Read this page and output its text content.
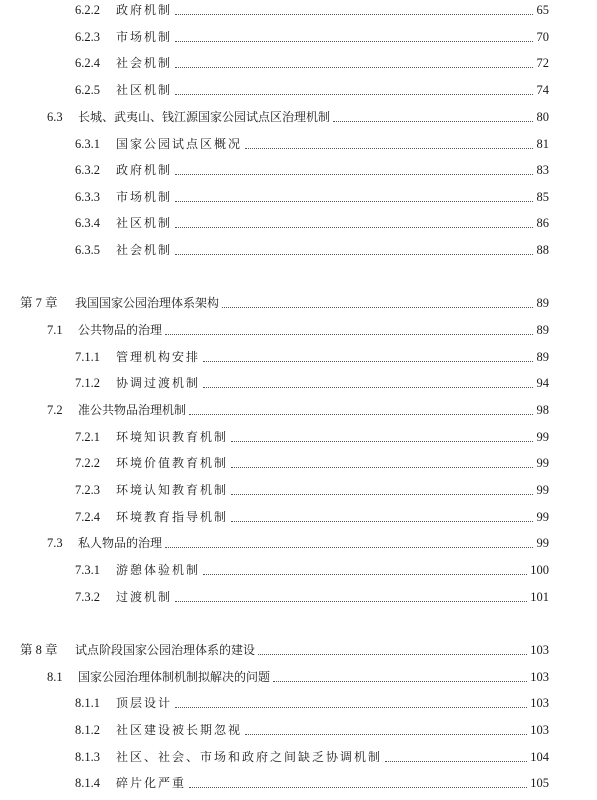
6.2.2 政府机制	65
6.2.3 市场机制	70
6.2.4 社会机制	72
6.2.5 社区机制	74
6.3 长城、武夷山、钱江源国家公园试点区治理机制	80
6.3.1 国家公园试点区概况	81
6.3.2 政府机制	83
6.3.3 市场机制	85
6.3.4 社区机制	86
6.3.5 社会机制	88
第 7 章 我国国家公园治理体系架构	89
7.1 公共物品的治理	89
7.1.1 管理机构安排	89
7.1.2 协调过渡机制	94
7.2 准公共物品治理机制	98
7.2.1 环境知识教育机制	99
7.2.2 环境价值教育机制	99
7.2.3 环境认知教育机制	99
7.2.4 环境教育指导机制	99
7.3 私人物品的治理	99
7.3.1 游憩体验机制	100
7.3.2 过渡机制	101
第 8 章 试点阶段国家公园治理体系的建设	103
8.1 国家公园治理体制机制拟解决的问题	103
8.1.1 顶层设计	103
8.1.2 社区建设被长期忽视	103
8.1.3 社区、社会、市场和政府之间缺乏协调机制	104
8.1.4 碎片化严重	105
